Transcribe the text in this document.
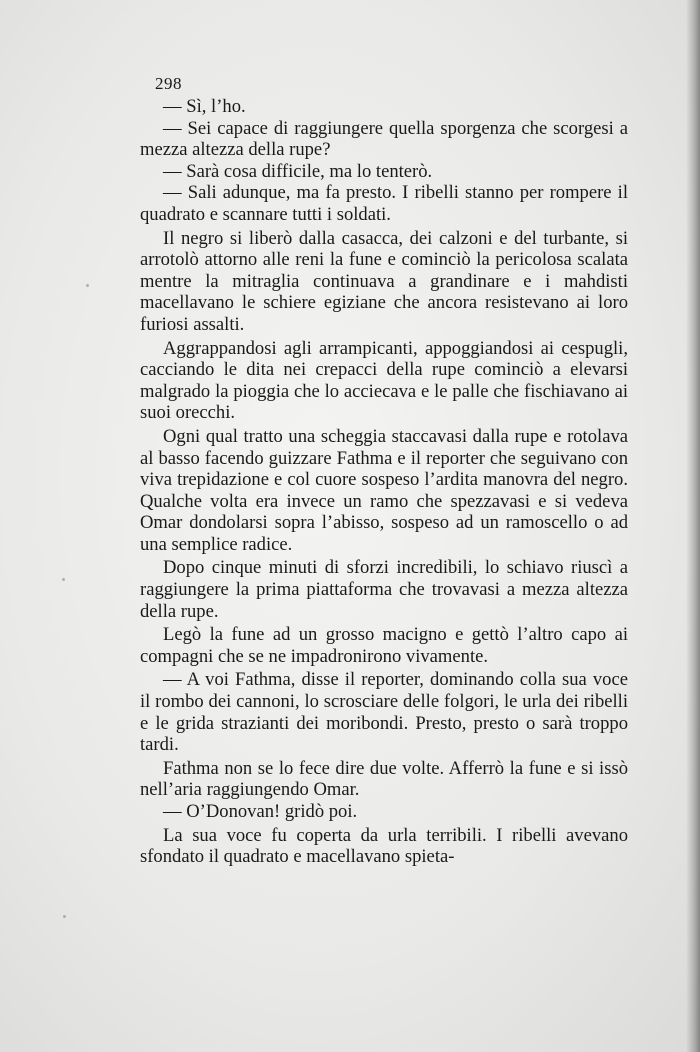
298

— Sì, l’ho.

— Sei capace di raggiungere quella sporgenza che scorgesi a mezza altezza della rupe?

— Sarà cosa difficile, ma lo tenterò.

— Sali adunque, ma fa presto. I ribelli stanno per rompere il quadrato e scannare tutti i soldati.

Il negro si liberò dalla casacca, dei calzoni e del turbante, si arrotolò attorno alle reni la fune e cominciò la pericolosa scalata mentre la mitraglia continuava a grandinare e i mahdisti macellavano le schiere egiziane che ancora resistevano ai loro furiosi assalti.

Aggrappandosi agli arrampicanti, appoggiandosi ai cespugli, cacciando le dita nei crepacci della rupe cominciò a elevarsi malgrado la pioggia che lo acciecava e le palle che fischiavano ai suoi orecchi.

Ogni qual tratto una scheggia staccavasi dalla rupe e rotolava al basso facendo guizzare Fathma e il reporter che seguivano con viva trepidazione e col cuore sospeso l’ardita manovra del negro. Qualche volta era invece un ramo che spezzavasi e si vedeva Omar dondolarsi sopra l’abisso, sospeso ad un ramoscello o ad una semplice radice.

Dopo cinque minuti di sforzi incredibili, lo schiavo riuscì a raggiungere la prima piattaforma che trovavasi a mezza altezza della rupe.

Legò la fune ad un grosso macigno e gettò l’altro capo ai compagni che se ne impadronirono vivamente.

— A voi Fathma, disse il reporter, dominando colla sua voce il rombo dei cannoni, lo scrosciare delle folgori, le urla dei ribelli e le grida strazianti dei moribondi. Presto, presto o sarà troppo tardi.

Fathma non se lo fece dire due volte. Afferrò la fune e si issò nell’aria raggiungendo Omar.

— O’Donovan! gridò poi.

La sua voce fu coperta da urla terribili. I ribelli avevano sfondato il quadrato e macellavano spieta-
